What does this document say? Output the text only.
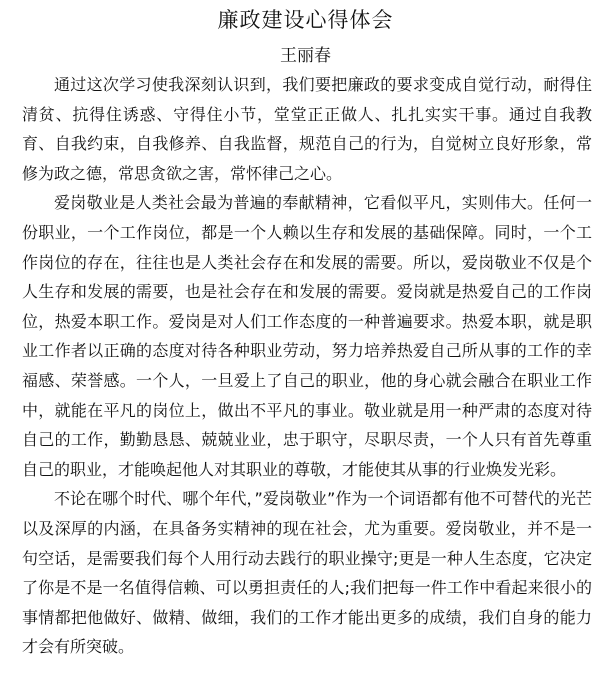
廉政建设心得体会
王丽春

通过这次学习使我深刻认识到，我们要把廉政的要求变成自觉行动，耐得住清贫、抗得住诱惑、守得住小节，堂堂正正做人、扎扎实实干事。通过自我教育、自我约束，自我修养、自我监督，规范自己的行为，自觉树立良好形象，常修为政之德，常思贪欲之害，常怀律己之心。

爱岗敬业是人类社会最为普遍的奉献精神，它看似平凡，实则伟大。任何一份职业，一个工作岗位，都是一个人赖以生存和发展的基础保障。同时，一个工作岗位的存在，往往也是人类社会存在和发展的需要。所以，爱岗敬业不仅是个人生存和发展的需要，也是社会存在和发展的需要。爱岗就是热爱自己的工作岗位，热爱本职工作。爱岗是对人们工作态度的一种普遍要求。热爱本职，就是职业工作者以正确的态度对待各种职业劳动，努力培养热爱自己所从事的工作的幸福感、荣誉感。一个人，一旦爱上了自己的职业，他的身心就会融合在职业工作中，就能在平凡的岗位上，做出不平凡的事业。敬业就是用一种严肃的态度对待自己的工作，勤勤恳恳、兢兢业业，忠于职守，尽职尽责，一个人只有首先尊重自己的职业，才能唤起他人对其职业的尊敬，才能使其从事的行业焕发光彩。

不论在哪个时代、哪个年代，”爱岗敬业”作为一个词语都有他不可替代的光芒以及深厚的内涵，在具备务实精神的现在社会，尤为重要。爱岗敬业，并不是一句空话，是需要我们每个人用行动去践行的职业操守;更是一种人生态度，它决定了你是不是一名值得信赖、可以勇担责任的人;我们把每一件工作中看起来很小的事情都把他做好、做精、做细，我们的工作才能出更多的成绩，我们自身的能力才会有所突破。
